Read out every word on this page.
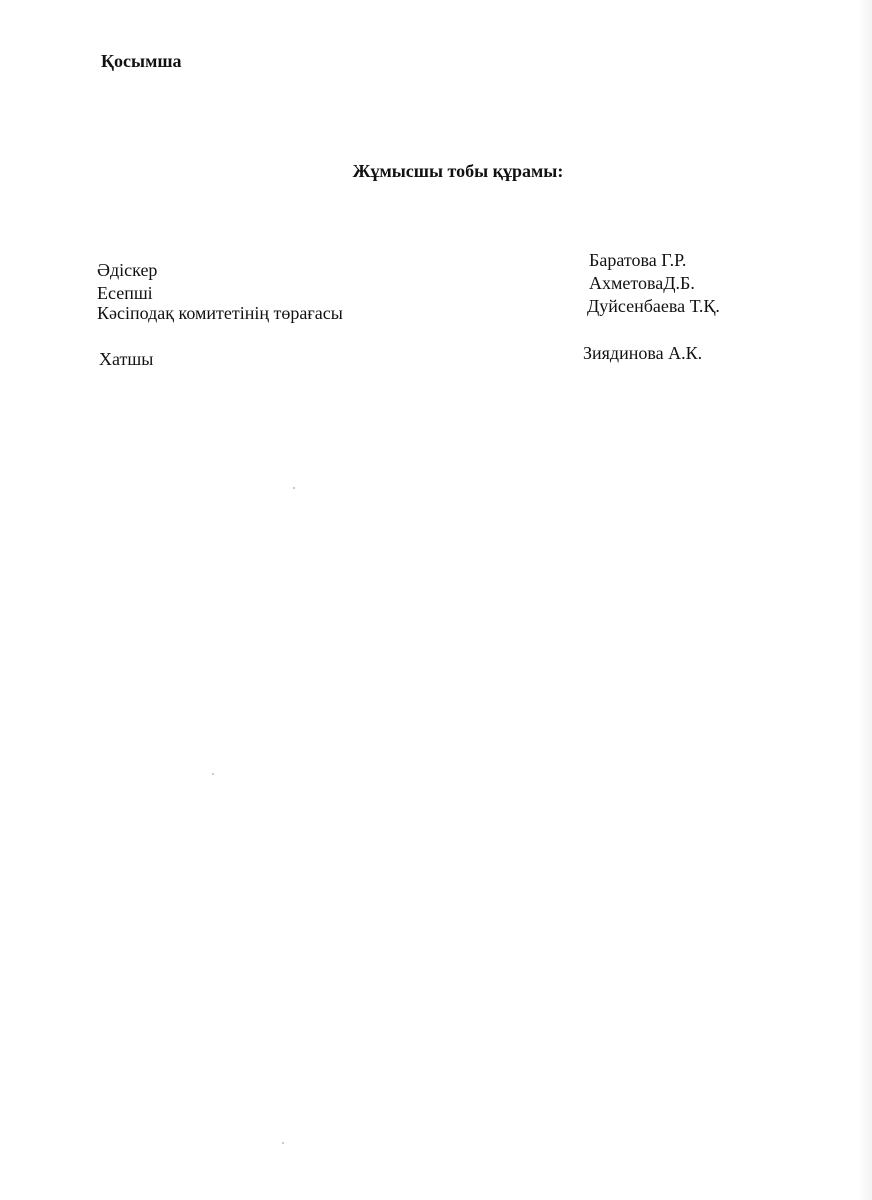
Қосымша
Жұмысшы тобы құрамы:
Әдіскер
Есепші
Кәсіподақ комитетінің төрағасы
Хатшы
Баратова Г.Р.
АхметоваД.Б.
Дуйсенбаева Т.Қ.
Зиядинова А.К.
